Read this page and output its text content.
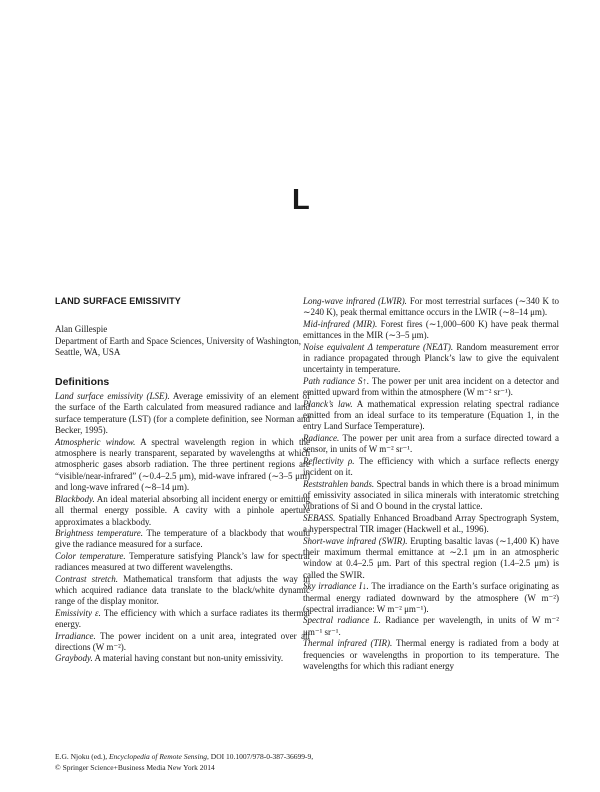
L

LAND SURFACE EMISSIVITY

Alan Gillespie

Department of Earth and Space Sciences, University of Washington, Seattle, WA, USA

Definitions

Land surface emissivity (LSE). Average emissivity of an element of the surface of the Earth calculated from measured radiance and land surface temperature (LST) (for a complete definition, see Norman and Becker, 1995).

Atmospheric window. A spectral wavelength region in which the atmosphere is nearly transparent, separated by wavelengths at which atmospheric gases absorb radiation. The three pertinent regions are “visible/near-infrared” (∼0.4–2.5 μm), mid-wave infrared (∼3–5 μm) and long-wave infrared (∼8–14 μm).

Blackbody. An ideal material absorbing all incident energy or emitting all thermal energy possible. A cavity with a pinhole aperture approximates a blackbody.

Brightness temperature. The temperature of a blackbody that would give the radiance measured for a surface.

Color temperature. Temperature satisfying Planck’s law for spectral radiances measured at two different wavelengths.

Contrast stretch. Mathematical transform that adjusts the way in which acquired radiance data translate to the black/white dynamic range of the display monitor.

Emissivity ε. The efficiency with which a surface radiates its thermal energy.

Irradiance. The power incident on a unit area, integrated over all directions (W m⁻²).

Graybody. A material having constant but non-unity emissivity.

Long-wave infrared (LWIR). For most terrestrial surfaces (∼340 K to ∼240 K), peak thermal emittance occurs in the LWIR (∼8–14 μm).

Mid-infrared (MIR). Forest fires (∼1,000–600 K) have peak thermal emittances in the MIR (∼3–5 μm).

Noise equivalent Δ temperature (NEΔT). Random measurement error in radiance propagated through Planck’s law to give the equivalent uncertainty in temperature.

Path radiance S↑. The power per unit area incident on a detector and emitted upward from within the atmosphere (W m⁻² sr⁻¹).

Planck’s law. A mathematical expression relating spectral radiance emitted from an ideal surface to its temperature (Equation 1, in the entry Land Surface Temperature).

Radiance. The power per unit area from a surface directed toward a sensor, in units of W m⁻² sr⁻¹.

Reflectivity ρ. The efficiency with which a surface reflects energy incident on it.

Reststrahlen bands. Spectral bands in which there is a broad minimum of emissivity associated in silica minerals with interatomic stretching vibrations of Si and O bound in the crystal lattice.

SEBASS. Spatially Enhanced Broadband Array Spectrograph System, a hyperspectral TIR imager (Hackwell et al., 1996).

Short-wave infrared (SWIR). Erupting basaltic lavas (∼1,400 K) have their maximum thermal emittance at ∼2.1 μm in an atmospheric window at 0.4–2.5 μm. Part of this spectral region (1.4–2.5 μm) is called the SWIR.

Sky irradiance I↓. The irradiance on the Earth’s surface originating as thermal energy radiated downward by the atmosphere (W m⁻²) (spectral irradiance: W m⁻² μm⁻¹).

Spectral radiance L. Radiance per wavelength, in units of W m⁻² μm⁻¹ sr⁻¹.

Thermal infrared (TIR). Thermal energy is radiated from a body at frequencies or wavelengths in proportion to its temperature. The wavelengths for which this radiant energy

E.G. Njoku (ed.), Encyclopedia of Remote Sensing, DOI 10.1007/978-0-387-36699-9,

© Springer Science+Business Media New York 2014
